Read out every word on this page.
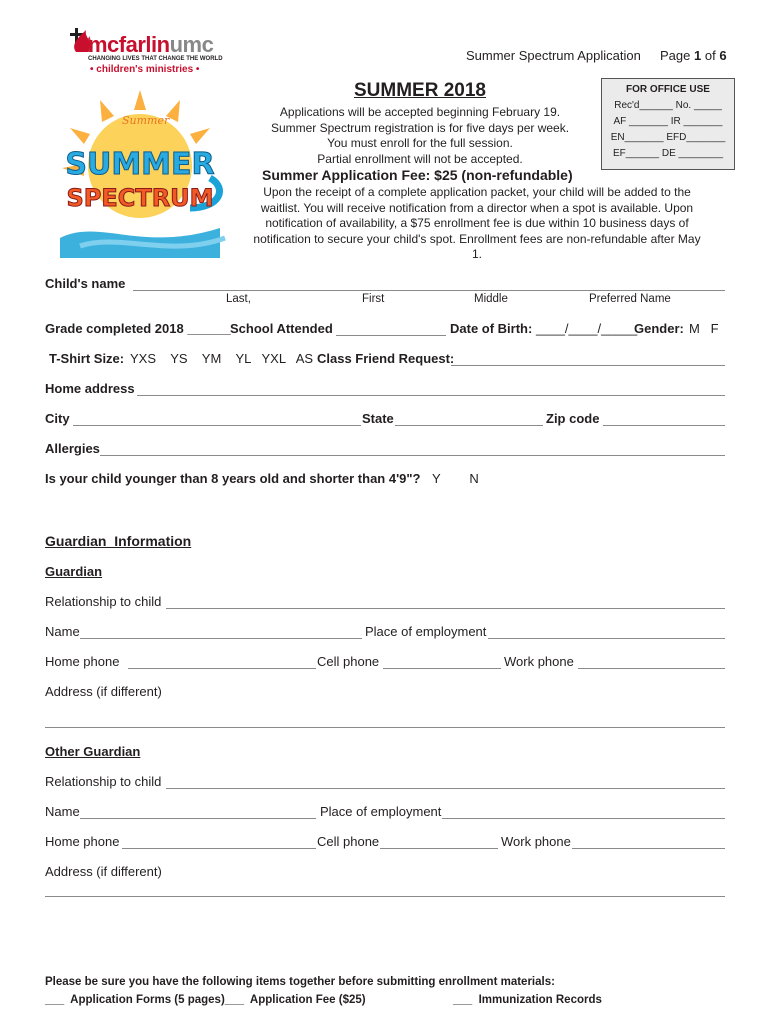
mcfarlinumc
CHANGING LIVES THAT CHANGE THE WORLD
• children's ministries •
Summer Spectrum Application Page 1 of 6
Summer
SUMMER
SPECTRUM
SUMMER 2018
Applications will be accepted beginning February 19.
Summer Spectrum registration is for five days per week.
You must enroll for the full session.
Partial enrollment will not be accepted.
Summer Application Fee: $25 (non-refundable)
Upon the receipt of a complete application packet, your child will be added to the
waitlist. You will receive notification from a director when a spot is available. Upon
notification of availability, a $75 enrollment fee is due within 10 business days of
notification to secure your child's spot. Enrollment fees are non-refundable after May
1.
FOR OFFICE USE
Rec'd______ No. _____
AF _______ IR _______
EN_______ EFD_______
EF______ DE ________
Child's name
Last,	First	Middle	Preferred Name
Grade completed 2018 ______ School Attended	Date of Birth: ____/____/_____
Gender: M   F
T-Shirt Size: YXS    YS    YM    YL   YXL   AS Class Friend Request:
Home address
City	State	Zip code
Allergies
Is your child younger than 8 years old and shorter than 4'9"? Y        N
Guardian  Information
Guardian
Relationship to child
Name	Place of employment
Home phone	Cell phone	Work phone
Address (if different)
Other Guardian
Relationship to child
Name	Place of employment
Home phone	Cell phone	Work phone
Address (if different)
Please be sure you have the following items together before submitting enrollment materials:
___  Application Forms (5 pages)___  Application Fee ($25)	___  Immunization Records
